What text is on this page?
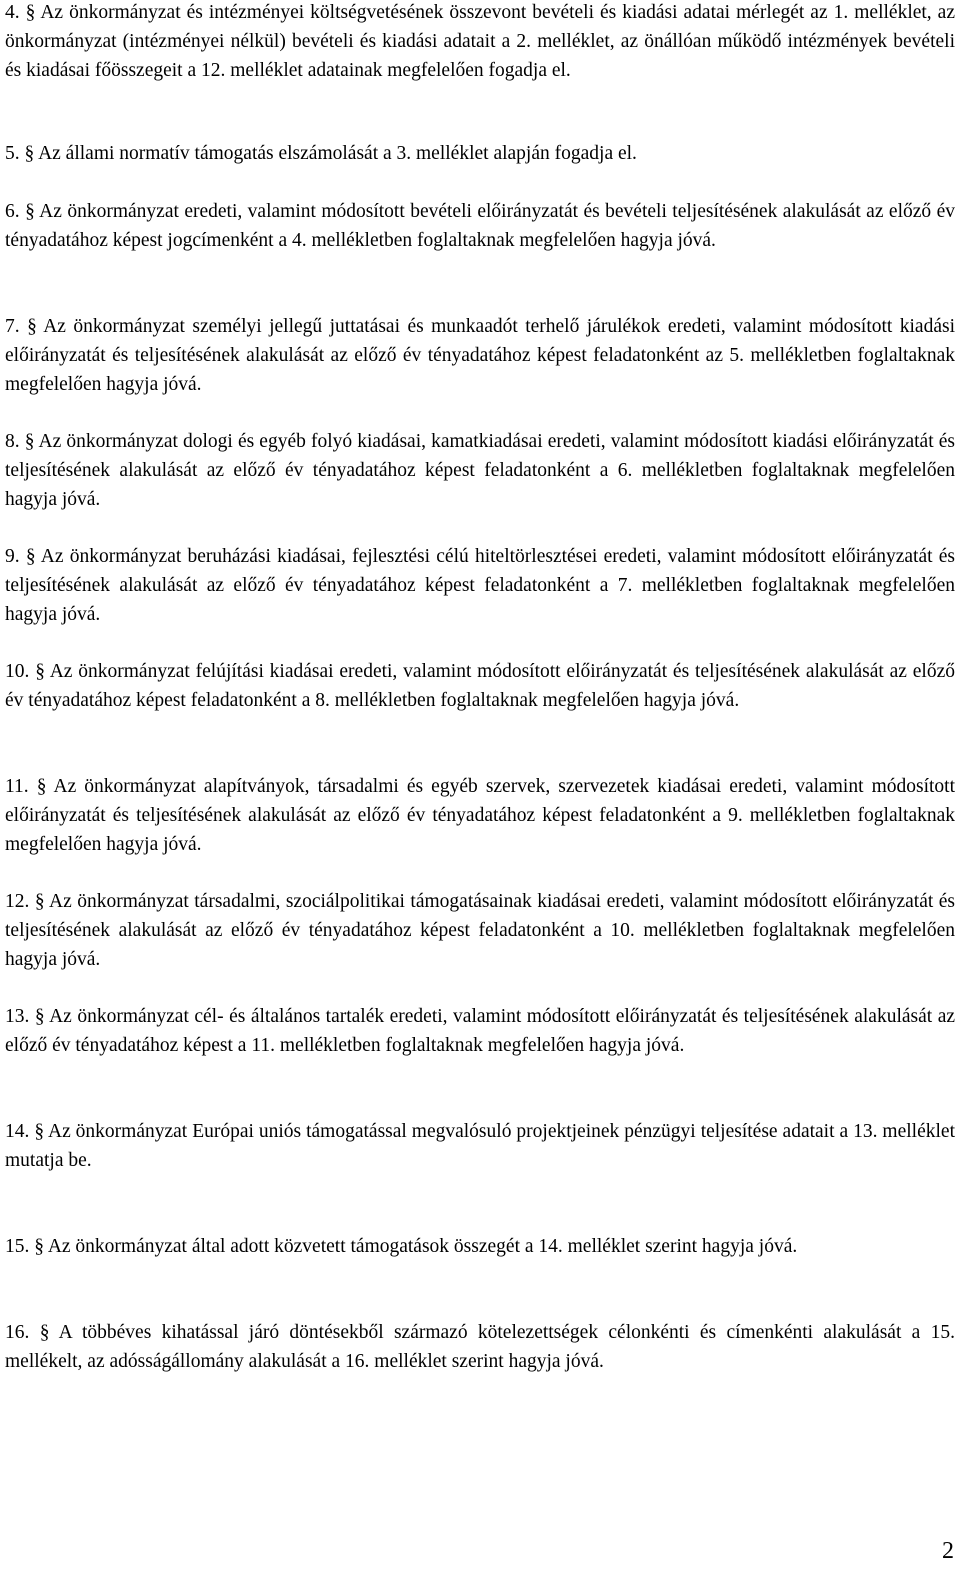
4. § Az önkormányzat és intézményei költségvetésének összevont bevételi és kiadási adatai mérlegét az 1. melléklet, az önkormányzat (intézményei nélkül) bevételi és kiadási adatait a 2. melléklet, az önállóan működő intézmények bevételi és kiadásai főösszegeit a 12. melléklet adatainak megfelelően fogadja el.

5. § Az állami normatív támogatás elszámolását a 3. melléklet alapján fogadja el.

6. § Az önkormányzat eredeti, valamint módosított bevételi előirányzatát és bevételi teljesítésének alakulását az előző év tényadatához képest jogcímenként a 4. mellékletben foglaltaknak megfelelően hagyja jóvá.

7. § Az önkormányzat személyi jellegű juttatásai és munkaadót terhelő járulékok eredeti, valamint módosított kiadási előirányzatát és teljesítésének alakulását az előző év tényadatához képest feladatonként az 5. mellékletben foglaltaknak megfelelően hagyja jóvá.

8. § Az önkormányzat dologi és egyéb folyó kiadásai, kamatkiadásai eredeti, valamint módosított kiadási előirányzatát és teljesítésének alakulását az előző év tényadatához képest feladatonként a 6. mellékletben foglaltaknak megfelelően hagyja jóvá.

9. § Az önkormányzat beruházási kiadásai, fejlesztési célú hiteltörlesztései eredeti, valamint módosított előirányzatát és teljesítésének alakulását az előző év tényadatához képest feladatonként a 7. mellékletben foglaltaknak megfelelően hagyja jóvá.

10. § Az önkormányzat felújítási kiadásai eredeti, valamint módosított előirányzatát és teljesítésének alakulását az előző év tényadatához képest feladatonként a 8. mellékletben foglaltaknak megfelelően hagyja jóvá.

11. § Az önkormányzat alapítványok, társadalmi és egyéb szervek, szervezetek kiadásai eredeti, valamint módosított előirányzatát és teljesítésének alakulását az előző év tényadatához képest feladatonként a 9. mellékletben foglaltaknak megfelelően hagyja jóvá.

12. § Az önkormányzat társadalmi, szociálpolitikai támogatásainak kiadásai eredeti, valamint módosított előirányzatát és teljesítésének alakulását az előző év tényadatához képest feladatonként a 10. mellékletben foglaltaknak megfelelően hagyja jóvá.

13. § Az önkormányzat cél- és általános tartalék eredeti, valamint módosított előirányzatát és teljesítésének alakulását az előző év tényadatához képest a 11. mellékletben foglaltaknak megfelelően hagyja jóvá.

14. § Az önkormányzat Európai uniós támogatással megvalósuló projektjeinek pénzügyi teljesítése adatait a 13. melléklet mutatja be.

15. § Az önkormányzat által adott közvetett támogatások összegét a 14. melléklet szerint hagyja jóvá.

16. § A többéves kihatással járó döntésekből származó kötelezettségek célonkénti és címenkénti alakulását a 15. mellékelt, az adósságállomány alakulását a 16. melléklet szerint hagyja jóvá.

2
